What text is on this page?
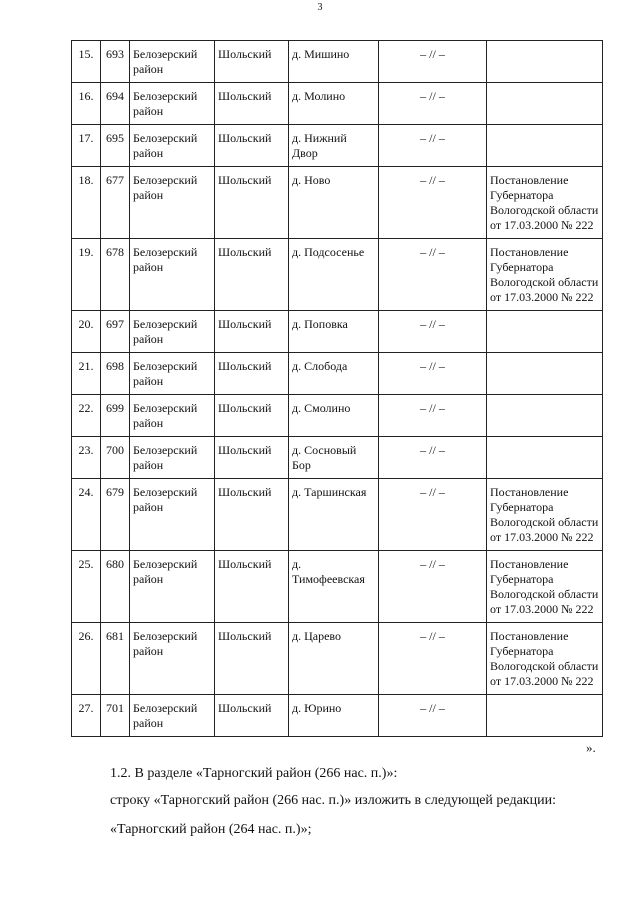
3
15.	693	Белозерский район	Шольский	д. Мишино	– // –	
16.	694	Белозерский район	Шольский	д. Молино	– // –	
17.	695	Белозерский район	Шольский	д. Нижний Двор	– // –	
18.	677	Белозерский район	Шольский	д. Ново	– // –	Постановление Губернатора Вологодской области от 17.03.2000 № 222
19.	678	Белозерский район	Шольский	д. Подсосенье	– // –	Постановление Губернатора Вологодской области от 17.03.2000 № 222
20.	697	Белозерский район	Шольский	д. Поповка	– // –	
21.	698	Белозерский район	Шольский	д. Слобода	– // –	
22.	699	Белозерский район	Шольский	д. Смолино	– // –	
23.	700	Белозерский район	Шольский	д. Сосновый Бор	– // –	
24.	679	Белозерский район	Шольский	д. Таршинская	– // –	Постановление Губернатора Вологодской области от 17.03.2000 № 222
25.	680	Белозерский район	Шольский	д. Тимофеевская	– // –	Постановление Губернатора Вологодской области от 17.03.2000 № 222
26.	681	Белозерский район	Шольский	д. Царево	– // –	Постановление Губернатора Вологодской области от 17.03.2000 № 222
27.	701	Белозерский район	Шольский	д. Юрино	– // –	
».
1.2. В разделе «Тарногский район (266 нас. п.)»:
строку «Тарногский район (266 нас. п.)» изложить в следующей редакции:
«Тарногский район (264 нас. п.)»;
